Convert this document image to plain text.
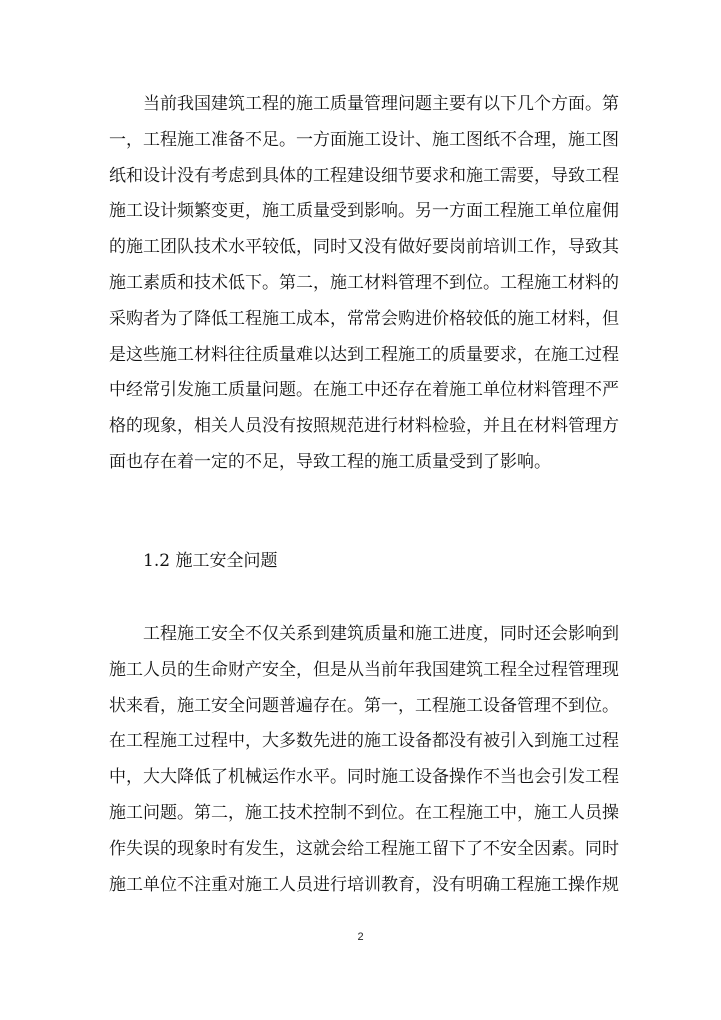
　　当前我国建筑工程的施工质量管理问题主要有以下几个方面。第
一，工程施工准备不足。一方面施工设计、施工图纸不合理，施工图
纸和设计没有考虑到具体的工程建设细节要求和施工需要，导致工程
施工设计频繁变更，施工质量受到影响。另一方面工程施工单位雇佣
的施工团队技术水平较低，同时又没有做好要岗前培训工作，导致其
施工素质和技术低下。第二，施工材料管理不到位。工程施工材料的
采购者为了降低工程施工成本，常常会购进价格较低的施工材料，但
是这些施工材料往往质量难以达到工程施工的质量要求，在施工过程
中经常引发施工质量问题。在施工中还存在着施工单位材料管理不严
格的现象，相关人员没有按照规范进行材料检验，并且在材料管理方
面也存在着一定的不足，导致工程的施工质量受到了影响。
1.2 施工安全问题
　　工程施工安全不仅关系到建筑质量和施工进度，同时还会影响到
施工人员的生命财产安全，但是从当前年我国建筑工程全过程管理现
状来看，施工安全问题普遍存在。第一，工程施工设备管理不到位。
在工程施工过程中，大多数先进的施工设备都没有被引入到施工过程
中，大大降低了机械运作水平。同时施工设备操作不当也会引发工程
施工问题。第二，施工技术控制不到位。在工程施工中，施工人员操
作失误的现象时有发生，这就会给工程施工留下了不安全因素。同时
施工单位不注重对施工人员进行培训教育，没有明确工程施工操作规
2
